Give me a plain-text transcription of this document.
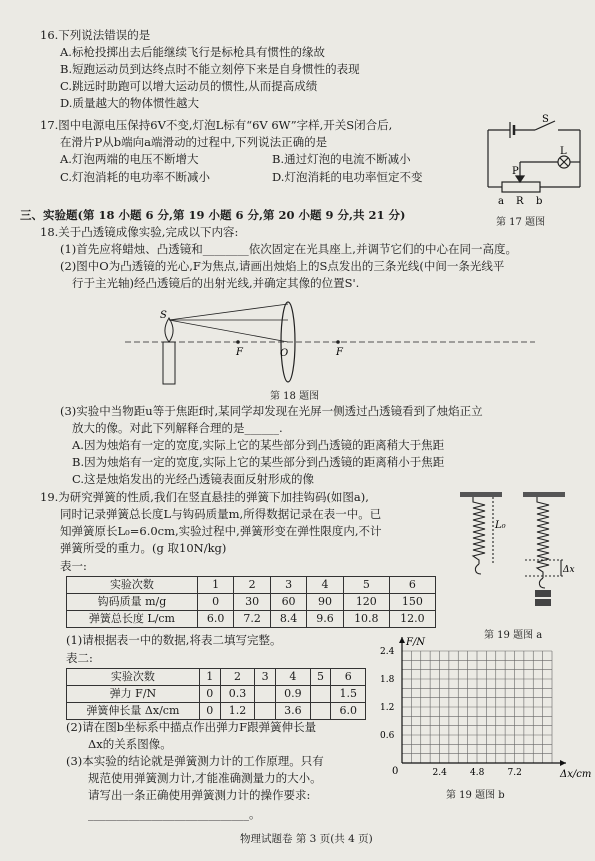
16.下列说法错误的是
A.标枪投掷出去后能继续飞行是标枪具有惯性的缘故
B.短跑运动员到达终点时不能立刻停下来是自身惯性的表现
C.跳远时助跑可以增大运动员的惯性,从而提高成绩
D.质量越大的物体惯性越大
17.图中电源电压保持6V不变,灯泡L标有“6V 6W”字样,开关S闭合后,
在滑片P从b端向a端滑动的过程中,下列说法正确的是
A.灯泡两端的电压不断增大	B.通过灯泡的电流不断减小
C.灯泡消耗的电功率不断减小	D.灯泡消耗的电功率恒定不变
S
L
P
a R b
第 17 题图
三、实验题(第 18 小题 6 分,第 19 小题 6 分,第 20 小题 9 分,共 21 分)
18.关于凸透镜成像实验,完成以下内容:
(1)首先应将蜡烛、凸透镜和________依次固定在光具座上,并调节它们的中心在同一高度。
(2)图中O为凸透镜的光心,F为焦点,请画出烛焰上的S点发出的三条光线(中间一条光线平
行于主光轴)经凸透镜后的出射光线,并确定其像的位置S'.
S
F	O	F
第 18 题图
(3)实验中当物距u等于焦距f时,某同学却发现在光屏一侧透过凸透镜看到了烛焰正立
放大的像。对此下列解释合理的是______.
A.因为烛焰有一定的宽度,实际上它的某些部分到凸透镜的距离稍大于焦距
B.因为烛焰有一定的宽度,实际上它的某些部分到凸透镜的距离稍小于焦距
C.这是烛焰发出的光经凸透镜表面反射形成的像
19.为研究弹簧的性质,我们在竖直悬挂的弹簧下加挂钩码(如图a),
同时记录弹簧总长度L与钩码质量m,所得数据记录在表一中。已
知弹簧原长L₀=6.0cm,实验过程中,弹簧形变在弹性限度内,不计
弹簧所受的重力。(g 取10N/kg)
表一:
实验次数	1	2	3	4	5	6
钩码质量 m/g	0	30	60	90	120	150
弹簧总长度 L/cm	6.0	7.2	8.4	9.6	10.8	12.0
(1)请根据表一中的数据,将表二填写完整。
表二:
实验次数	1	2	3	4	5	6
弹力 F/N	0	0.3		0.9		1.5
弹簧伸长量 Δx/cm	0	1.2		3.6		6.0
(2)请在图b坐标系中描点作出弹力F跟弹簧伸长量
Δx的关系图像。
(3)本实验的结论就是弹簧测力计的工作原理。只有
规范使用弹簧测力计,才能准确测量力的大小。
请写出一条正确使用弹簧测力计的操作要求:
____________________________。
L₀
Δx
第 19 题图 a
F/N
Δx/cm
0	2.4	4.8	7.2
0.6
1.2
1.8
2.4
第 19 题图 b
物理试题卷 第 3 页(共 4 页)
